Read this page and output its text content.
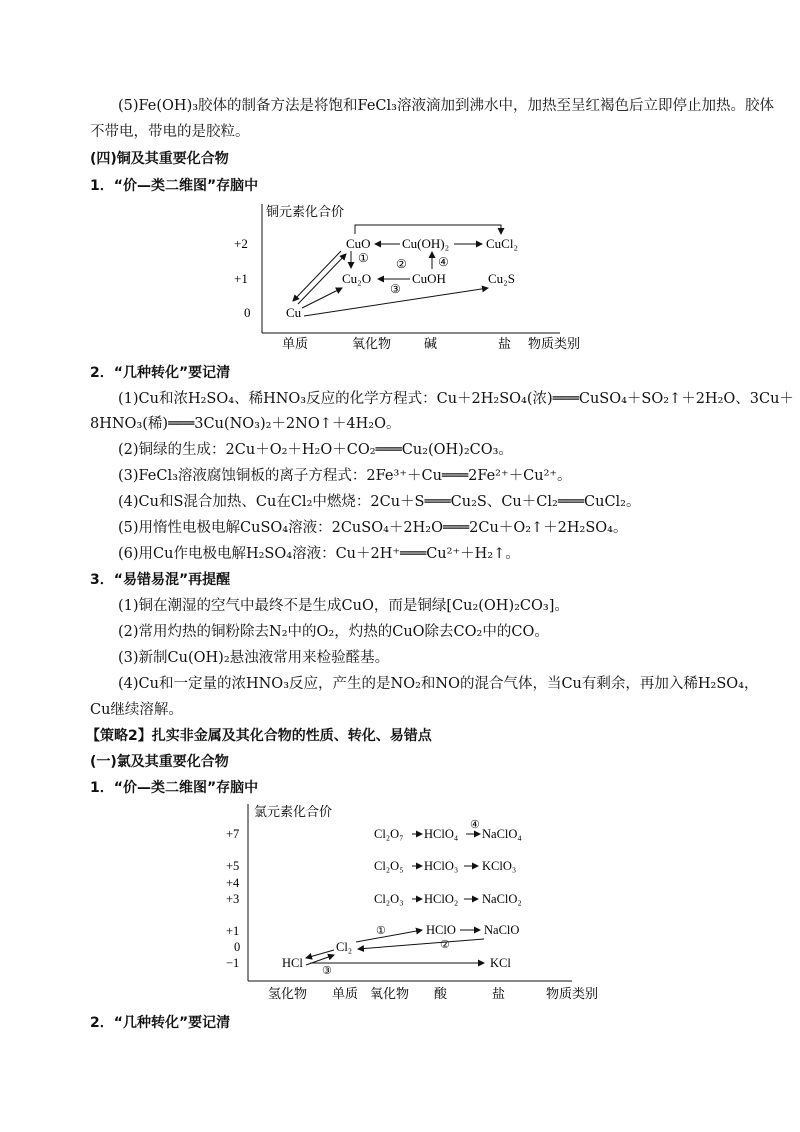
(5)Fe(OH)₃胶体的制备方法是将饱和FeCl₃溶液滴加到沸水中，加热至呈红褐色后立即停止加热。胶体
不带电，带电的是胶粒。
(四)铜及其重要化合物
1．“价—类二维图”存脑中
铜元素化合价
+2
+1
0
单质	氧化物	碱	盐 物质类别
CuO Cu(OH)₂	CuCl₂
Cu₂O	CuOH	Cu₂S
Cu
① ②
③
④
2．“几种转化”要记清
(1)Cu和浓H₂SO₄、稀HNO₃反应的化学方程式：Cu＋2H₂SO₄(浓)═══CuSO₄＋SO₂↑＋2H₂O、3Cu＋
8HNO₃(稀)═══3Cu(NO₃)₂＋2NO↑＋4H₂O。
(2)铜绿的生成：2Cu＋O₂＋H₂O＋CO₂═══Cu₂(OH)₂CO₃。
(3)FeCl₃溶液腐蚀铜板的离子方程式：2Fe³⁺＋Cu═══2Fe²⁺＋Cu²⁺。
(4)Cu和S混合加热、Cu在Cl₂中燃烧：2Cu＋S═══Cu₂S、Cu＋Cl₂═══CuCl₂。
(5)用惰性电极电解CuSO₄溶液：2CuSO₄＋2H₂O═══2Cu＋O₂↑＋2H₂SO₄。
(6)用Cu作电极电解H₂SO₄溶液：Cu＋2H⁺═══Cu²⁺＋H₂↑。
3．“易错易混”再提醒
(1)铜在潮湿的空气中最终不是生成CuO，而是铜绿[Cu₂(OH)₂CO₃]。
(2)常用灼热的铜粉除去N₂中的O₂，灼热的CuO除去CO₂中的CO。
(3)新制Cu(OH)₂悬浊液常用来检验醛基。
(4)Cu和一定量的浓HNO₃反应，产生的是NO₂和NO的混合气体，当Cu有剩余，再加入稀H₂SO₄，
Cu继续溶解。
【策略2】扎实非金属及其化合物的性质、转化、易错点
(一)氯及其重要化合物
1．“价—类二维图”存脑中
氯元素化合价
+7
+5
+4
+3
+1
0
−1
氢化物 单质 氧化物 酸	盐	物质类别
Cl₂O₇ HClO₄
④
NaClO₄
Cl₂O₅ HClO₃ KClO₃
Cl₂O₃ HClO₂ NaClO₂
HClO NaClO
Cl₂
HCl	KCl
①
②
③
2．“几种转化”要记清
